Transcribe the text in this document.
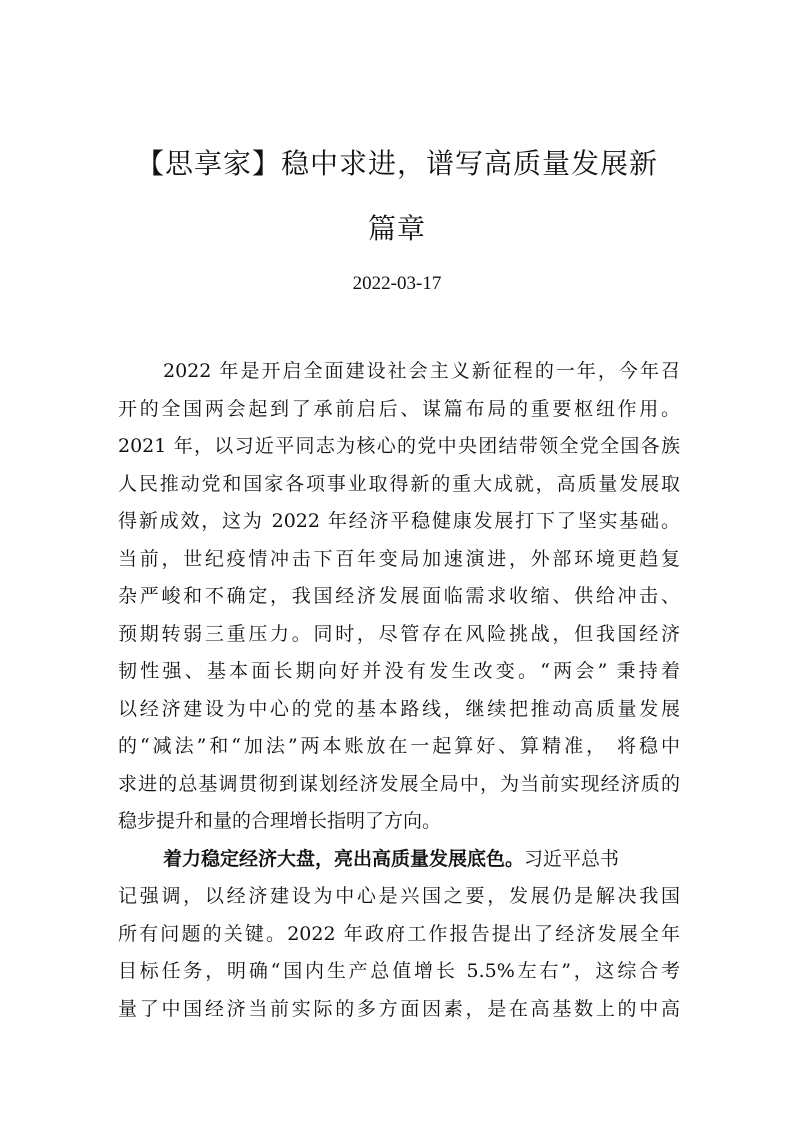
【思享家】稳中求进，谱写高质量发展新
篇章
2022-03-17
2022 年是开启全面建设社会主义新征程的一年，今年召
开的全国两会起到了承前启后、谋篇布局的重要枢纽作用。
2021 年，以习近平同志为核心的党中央团结带领全党全国各族
人民推动党和国家各项事业取得新的重大成就，高质量发展取
得新成效，这为 2022 年经济平稳健康发展打下了坚实基础。
当前，世纪疫情冲击下百年变局加速演进，外部环境更趋复
杂严峻和不确定，我国经济发展面临需求收缩、供给冲击、
预期转弱三重压力。同时，尽管存在风险挑战，但我国经济
韧性强、基本面长期向好并没有发生改变。“两会” 秉持着
以经济建设为中心的党的基本路线，继续把推动高质量发展
的“减法”和“加法”两本账放在一起算好、算精准， 将稳中
求进的总基调贯彻到谋划经济发展全局中，为当前实现经济质的
稳步提升和量的合理增长指明了方向。
着力稳定经济大盘，亮出高质量发展底色。习近平总书
记强调，以经济建设为中心是兴国之要，发展仍是解决我国
所有问题的关键。2022 年政府工作报告提出了经济发展全年
目标任务，明确“国内生产总值增长 5.5%左右”，这综合考
量了中国经济当前实际的多方面因素，是在高基数上的中高
